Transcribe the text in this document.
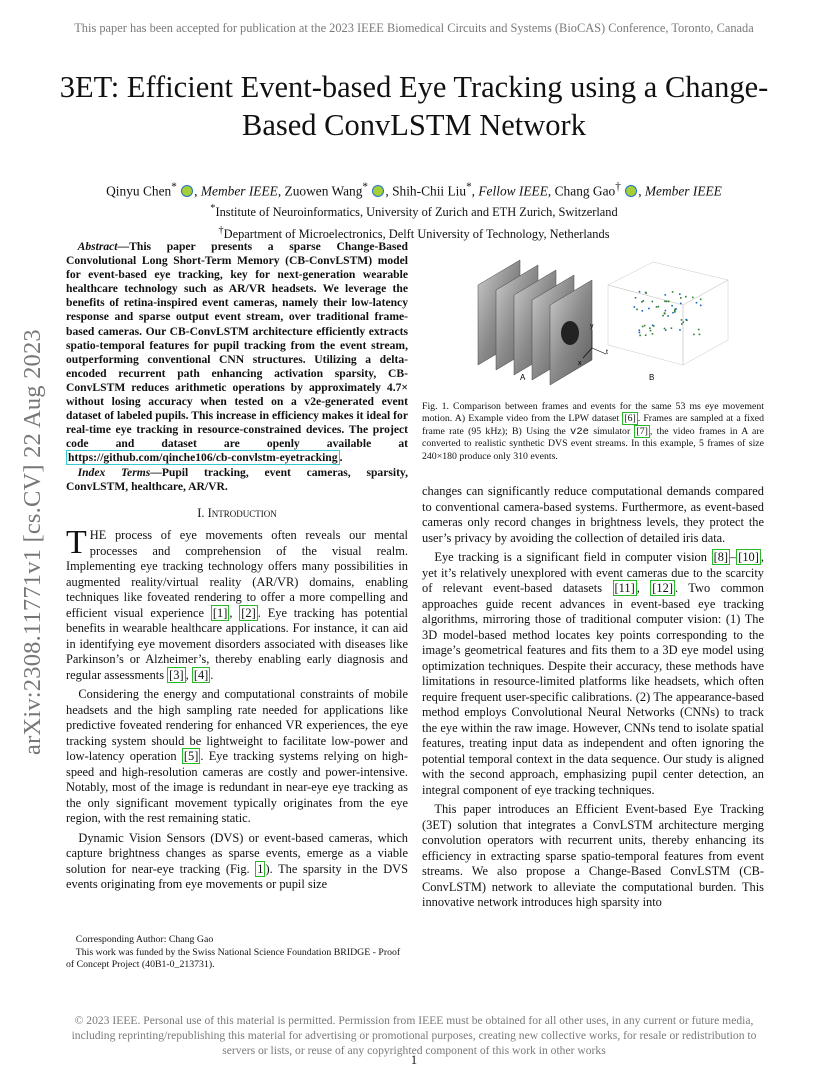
This paper has been accepted for publication at the 2023 IEEE Biomedical Circuits and Systems (BioCAS) Conference, Toronto, Canada
3ET: Efficient Event-based Eye Tracking using a Change-Based ConvLSTM Network
Qinyu Chen* , Member IEEE, Zuowen Wang* , Shih-Chii Liu*, Fellow IEEE, Chang Gao† , Member IEEE
*Institute of Neuroinformatics, University of Zurich and ETH Zurich, Switzerland
†Department of Microelectronics, Delft University of Technology, Netherlands
arXiv:2308.11771v1 [cs.CV] 22 Aug 2023

Abstract—This paper presents a sparse Change-Based Convolutional Long Short-Term Memory (CB-ConvLSTM) model for event-based eye tracking, key for next-generation wearable healthcare technology such as AR/VR headsets. We leverage the benefits of retina-inspired event cameras, namely their low-latency response and sparse output event stream, over traditional frame-based cameras. Our CB-ConvLSTM architecture efficiently extracts spatio-temporal features for pupil tracking from the event stream, outperforming conventional CNN structures. Utilizing a delta-encoded recurrent path enhancing activation sparsity, CB-ConvLSTM reduces arithmetic operations by approximately 4.7× without losing accuracy when tested on a v2e-generated event dataset of labeled pupils. This increase in efficiency makes it ideal for real-time eye tracking in resource-constrained devices. The project code and dataset are openly available at https://github.com/qinche106/cb-convlstm-eyetracking .

Index Terms—Pupil tracking, event cameras, sparsity, ConvLSTM, healthcare, AR/VR.

I. Introduction

THE process of eye movements often reveals our mental processes and comprehension of the visual realm. Implementing eye tracking technology offers many possibilities in augmented reality/virtual reality (AR/VR) domains, enabling techniques like foveated rendering to offer a more compelling and efficient visual experience [1] , [2] . Eye tracking has potential benefits in wearable healthcare applications. For instance, it can aid in identifying eye movement disorders associated with diseases like Parkinson’s or Alzheimer’s, thereby enabling early diagnosis and regular assessments [3] , [4] .

Considering the energy and computational constraints of mobile headsets and the high sampling rate needed for applications like predictive foveated rendering for enhanced VR experiences, the eye tracking system should be lightweight to facilitate low-power and low-latency operation [5] . Eye tracking systems relying on high-speed and high-resolution cameras are costly and power-intensive. Notably, most of the image is redundant in near-eye eye tracking as the only significant movement typically originates from the eye region, with the rest remaining static.

Dynamic Vision Sensors (DVS) or event-based cameras, which capture brightness changes as sparse events, emerge as a viable solution for near-eye tracking (Fig. 1 ). The sparsity in the DVS events originating from eye movements or pupil size

Corresponding Author: Chang Gao
This work was funded by the Swiss National Science Foundation BRIDGE - Proof of Concept Project (40B1-0_213731).
y
t
x
A	B
Fig. 1. Comparison between frames and events for the same 53 ms eye movement motion. A) Example video from the LPW dataset [6] . Frames are sampled at a fixed frame rate (95 kHz); B) Using the v2e simulator [7] , the video frames in A are converted to realistic synthetic DVS event streams. In this example, 5 frames of size 240×180 produce only 310 events.

changes can significantly reduce computational demands compared to conventional camera-based systems. Furthermore, as event-based cameras only record changes in brightness levels, they protect the user’s privacy by avoiding the collection of detailed iris data.

Eye tracking is a significant field in computer vision [8] – [10] , yet it’s relatively unexplored with event cameras due to the scarcity of relevant event-based datasets [11] , [12] . Two common approaches guide recent advances in event-based eye tracking algorithms, mirroring those of traditional computer vision: (1) The 3D model-based method locates key points corresponding to the image’s geometrical features and fits them to a 3D eye model using optimization techniques. Despite their accuracy, these methods have limitations in resource-limited platforms like headsets, which often require frequent user-specific calibrations. (2) The appearance-based method employs Convolutional Neural Networks (CNNs) to track the eye within the raw image. However, CNNs tend to isolate spatial features, treating input data as independent and often ignoring the potential temporal context in the data sequence. Our study is aligned with the second approach, emphasizing pupil center detection, an integral component of eye tracking techniques.

This paper introduces an Efficient Event-based Eye Tracking (3ET) solution that integrates a ConvLSTM architecture merging convolution operators with recurrent units, thereby enhancing its efficiency in extracting sparse spatio-temporal features from event streams. We also propose a Change-Based ConvLSTM (CB-ConvLSTM) network to alleviate the computational burden. This innovative network introduces high sparsity into

© 2023 IEEE. Personal use of this material is permitted. Permission from IEEE must be obtained for all other uses, in any current or future media, including reprinting/republishing this material for advertising or promotional purposes, creating new collective works, for resale or redistribution to servers or lists, or reuse of any copyrighted component of this work in other works
1
